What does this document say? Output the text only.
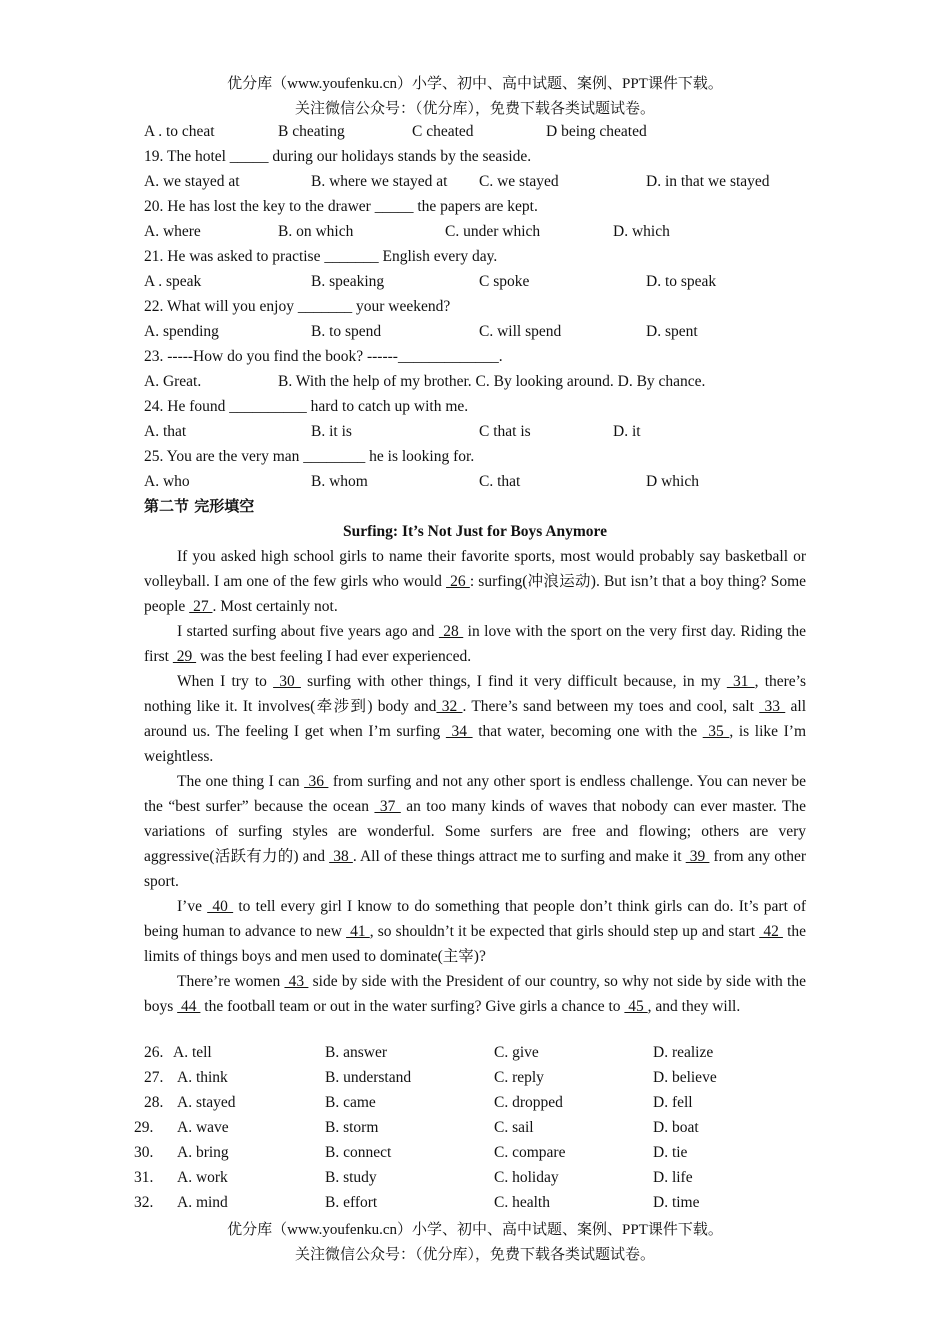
优分库（www.youfenku.cn）小学、初中、高中试题、案例、PPT课件下载。
关注微信公众号：（优分库），免费下载各类试题试卷。
A . to cheat	B cheating	C cheated	D being cheated
19. The hotel _____ during our holidays stands by the seaside.
A. we stayed at	B. where we stayed at C. we stayed	D. in that we stayed
20. He has lost the key to the drawer _____ the papers are kept.
A. where	B. on which	C. under which	D. which
21. He was asked to practise _______ English every day.
A . speak	B. speaking	C spoke	D. to speak
22. What will you enjoy _______ your weekend?
A. spending	B. to spend	C. will spend	D. spent
23. -----How do you find the book? ------_____________.
A. Great.	B. With the help of my brother. C. By looking around. D. By chance.
24. He found __________ hard to catch up with me.
A. that	B. it is	C that is	D. it
25. You are the very man ________ he is looking for.
A. who	B. whom	C. that	D which
第二节 完形填空
Surfing: It’s Not Just for Boys Anymore

If you asked high school girls to name their favorite sports, most would probably say basketball or volleyball. I am one of the few girls who would  26 : surfing(冲浪运动). But isn’t that a boy thing? Some people  27 . Most certainly not.

I started surfing about five years ago and  28  in love with the sport on the very first day. Riding the first  29  was the best feeling I had ever experienced.

When I try to  30  surfing with other things, I find it very difficult because, in my  31 , there’s nothing like it. It involves(牵涉到) body and 32 . There’s sand between my toes and cool, salt  33  all around us. The feeling I get when I’m surfing  34  that water, becoming one with the  35 , is like I’m weightless.

The one thing I can  36  from surfing and not any other sport is endless challenge. You can never be the “best surfer” because the ocean  37  an too many kinds of waves that nobody can ever master. The variations of surfing styles are wonderful. Some surfers are free and flowing; others are very aggressive(活跃有力的) and  38 . All of these things attract me to surfing and make it  39  from any other sport.

I’ve  40  to tell every girl I know to do something that people don’t think girls can do. It’s part of being human to advance to new  41 , so shouldn’t it be expected that girls should step up and start  42  the limits of things boys and men used to dominate(主宰)?

There’re women  43  side by side with the President of our country, so why not side by side with the boys  44  the football team or out in the water surfing? Give girls a chance to  45 , and they will.

26. A. tell	B. answer	C. give	D. realize
27. A. think	B. understand	C. reply	D. believe
28. A. stayed	B. came	C. dropped	D. fell
29. A. wave	B. storm	C. sail	D. boat
30. A. bring	B. connect	C. compare	D. tie
31. A. work	B. study	C. holiday	D. life
32. A. mind	B. effort	C. health	D. time
优分库（www.youfenku.cn）小学、初中、高中试题、案例、PPT课件下载。
关注微信公众号：（优分库），免费下载各类试题试卷。
